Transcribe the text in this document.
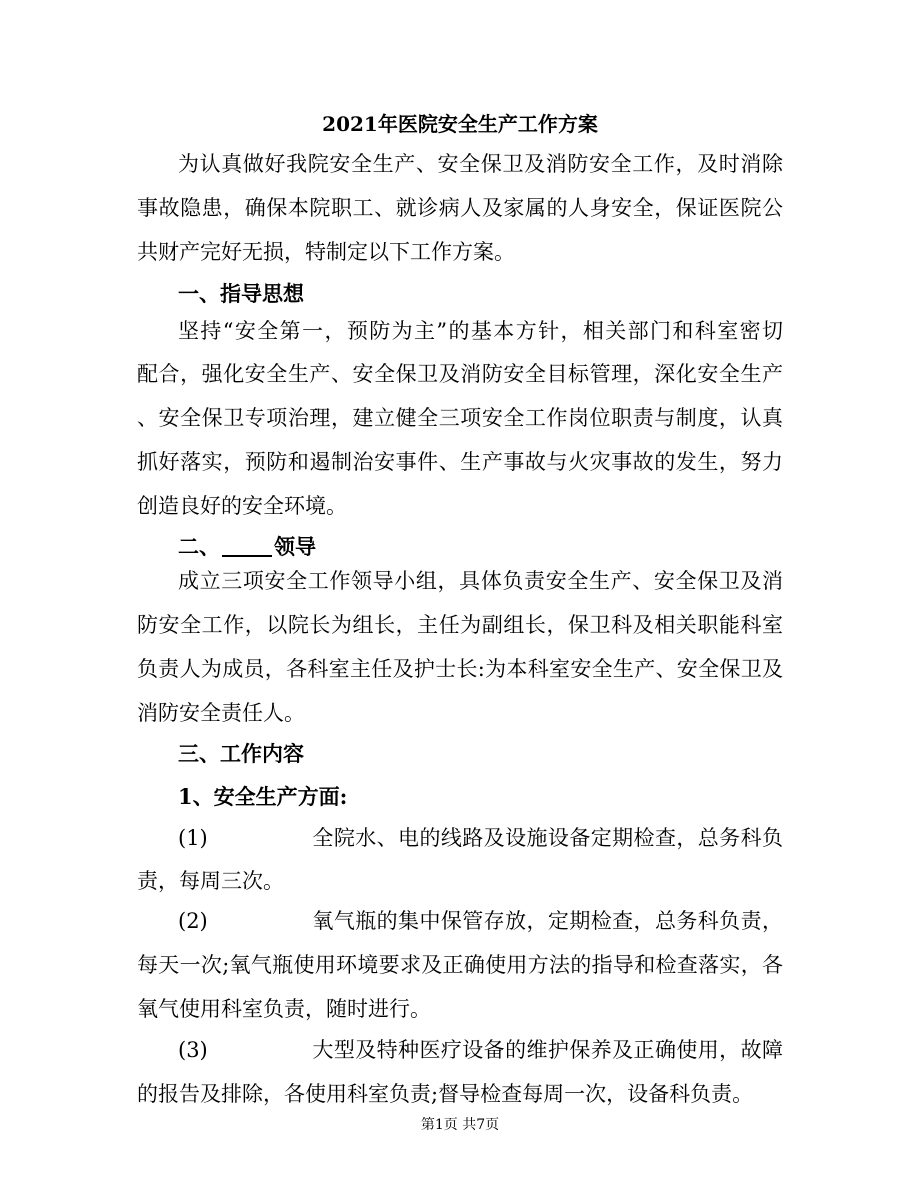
2021年医院安全生产工作方案
为认真做好我院安全生产、安全保卫及消防安全工作，及时消除
事故隐患，确保本院职工、就诊病人及家属的人身安全，保证医院公
共财产完好无损，特制定以下工作方案。
一、指导思想
坚持“安全第一，预防为主”的基本方针，相关部门和科室密切
配合，强化安全生产、安全保卫及消防安全目标管理，深化安全生产
、安全保卫专项治理，建立健全三项安全工作岗位职责与制度，认真
抓好落实，预防和遏制治安事件、生产事故与火灾事故的发生，努力
创造良好的安全环境。
二、	领导
成立三项安全工作领导小组，具体负责安全生产、安全保卫及消
防安全工作，以院长为组长，主任为副组长，保卫科及相关职能科室
负责人为成员，各科室主任及护士长:为本科室安全生产、安全保卫及
消防安全责任人。
三、工作内容
1、安全生产方面:
(1)	全院水、电的线路及设施设备定期检查，总务科负
责，每周三次。
(2)	氧气瓶的集中保管存放，定期检查，总务科负责，
每天一次;氧气瓶使用环境要求及正确使用方法的指导和检查落实，各
氧气使用科室负责，随时进行。
(3)	大型及特种医疗设备的维护保养及正确使用，故障
的报告及排除，各使用科室负责;督导检查每周一次，设备科负责。
第1页 共7页
